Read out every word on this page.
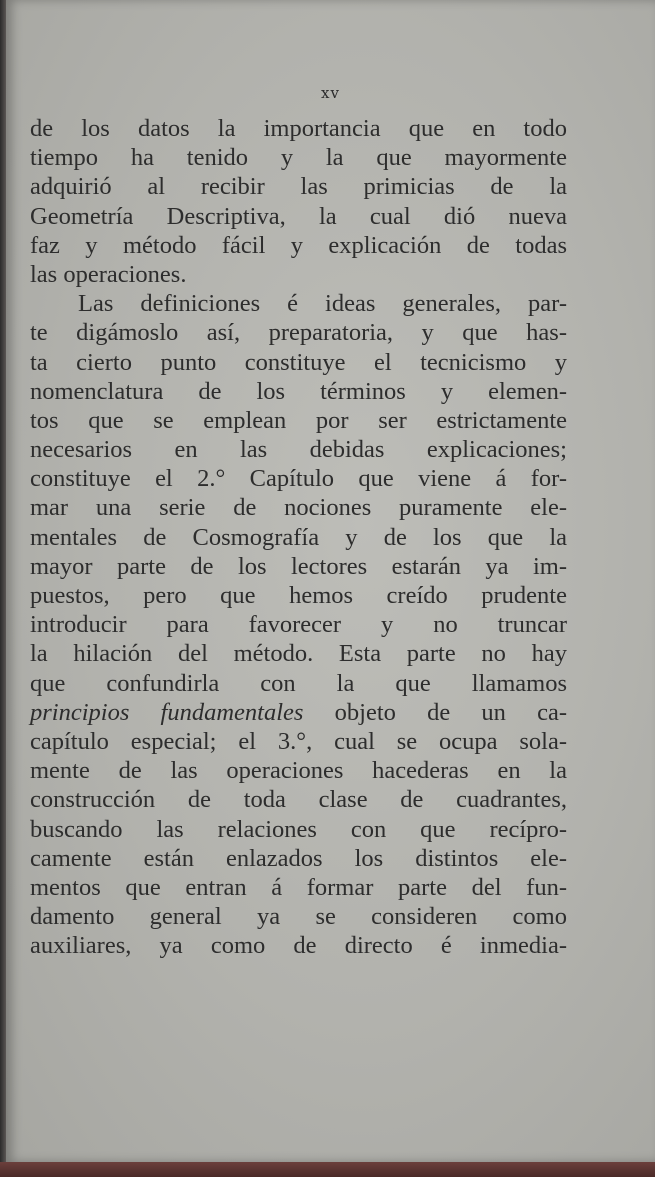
xv
de los datos la importancia que en todo
tiempo ha tenido y la que mayormente
adquirió al recibir las primicias de la
Geometría Descriptiva, la cual dió nueva
faz y método fácil y explicación de todas
las operaciones.
Las definiciones é ideas generales, par-
te digámoslo así, preparatoria, y que has-
ta cierto punto constituye el tecnicismo y
nomenclatura de los términos y elemen-
tos que se emplean por ser estrictamente
necesarios en las debidas explicaciones;
constituye el 2.° Capítulo que viene á for-
mar una serie de nociones puramente ele-
mentales de Cosmografía y de los que la
mayor parte de los lectores estarán ya im-
puestos, pero que hemos creído prudente
introducir para favorecer y no truncar
la hilación del método. Esta parte no hay
que confundirla con la que llamamos
principios fundamentales objeto de un ca-
capítulo especial; el 3.°, cual se ocupa sola-
mente de las operaciones hacederas en la
construcción de toda clase de cuadrantes,
buscando las relaciones con que recípro-
camente están enlazados los distintos ele-
mentos que entran á formar parte del fun-
damento general ya se consideren como
auxiliares, ya como de directo é inmedia-
